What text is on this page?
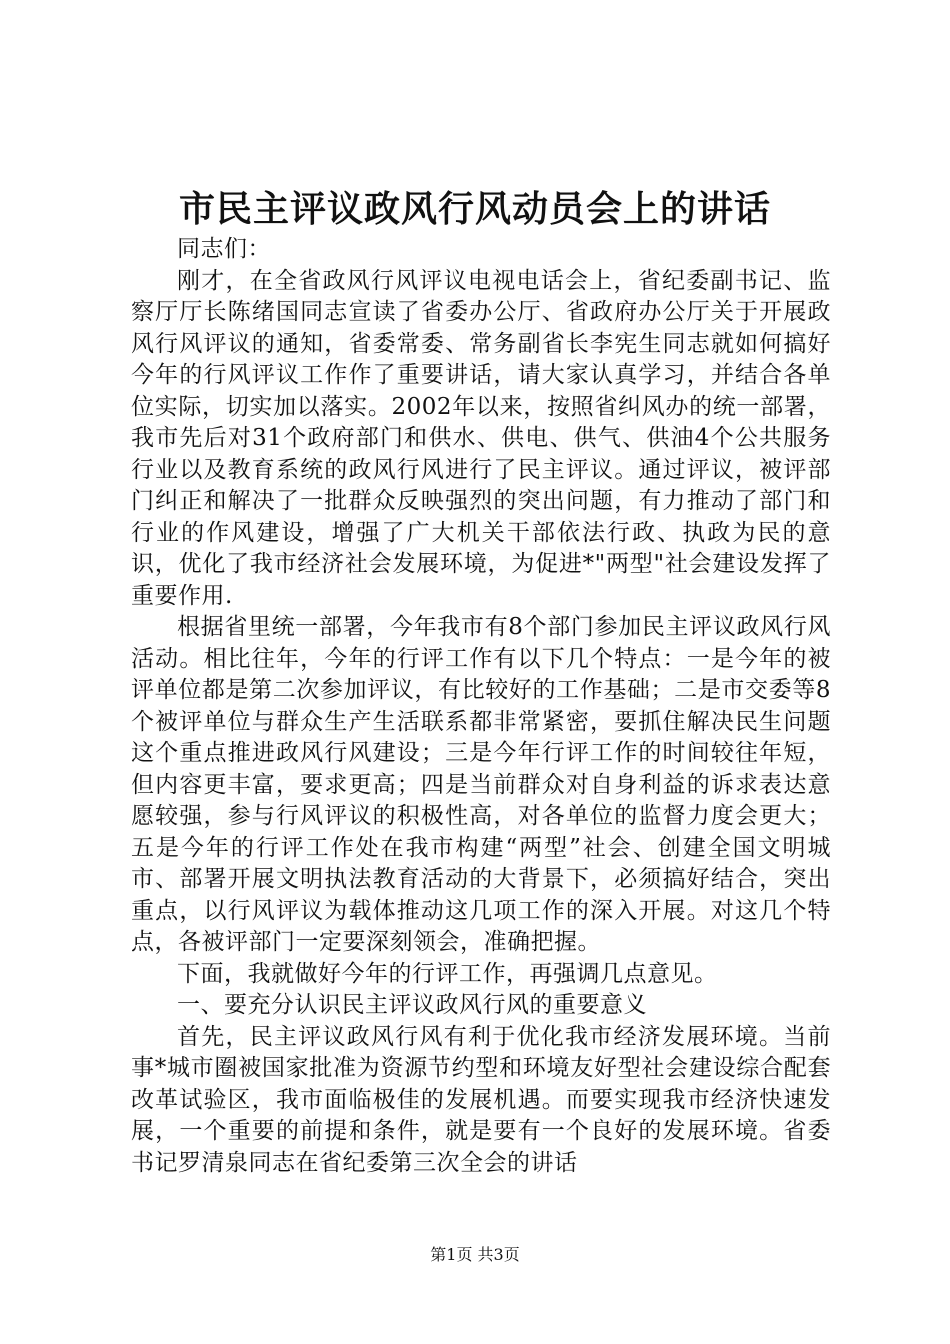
市民主评议政风行风动员会上的讲话

同志们：

刚才，在全省政风行风评议电视电话会上，省纪委副书记、监察厅厅长陈绪国同志宣读了省委办公厅、省政府办公厅关于开展政风行风评议的通知，省委常委、常务副省长李宪生同志就如何搞好今年的行风评议工作作了重要讲话，请大家认真学习，并结合各单位实际，切实加以落实。2002年以来，按照省纠风办的统一部署，我市先后对31个政府部门和供水、供电、供气、供油4个公共服务行业以及教育系统的政风行风进行了民主评议。通过评议，被评部门纠正和解决了一批群众反映强烈的突出问题，有力推动了部门和行业的作风建设，增强了广大机关干部依法行政、执政为民的意识，优化了我市经济社会发展环境，为促进*"两型"社会建设发挥了重要作用.

根据省里统一部署，今年我市有8个部门参加民主评议政风行风活动。相比往年，今年的行评工作有以下几个特点：一是今年的被评单位都是第二次参加评议，有比较好的工作基础；二是市交委等8个被评单位与群众生产生活联系都非常紧密，要抓住解决民生问题这个重点推进政风行风建设；三是今年行评工作的时间较往年短，但内容更丰富，要求更高；四是当前群众对自身利益的诉求表达意愿较强，参与行风评议的积极性高，对各单位的监督力度会更大；五是今年的行评工作处在我市构建“两型”社会、创建全国文明城市、部署开展文明执法教育活动的大背景下，必须搞好结合，突出重点，以行风评议为载体推动这几项工作的深入开展。对这几个特点，各被评部门一定要深刻领会，准确把握。

下面，我就做好今年的行评工作，再强调几点意见。

一、要充分认识民主评议政风行风的重要意义

首先，民主评议政风行风有利于优化我市经济发展环境。当前事*城市圈被国家批准为资源节约型和环境友好型社会建设综合配套改革试验区，我市面临极佳的发展机遇。而要实现我市经济快速发展，一个重要的前提和条件，就是要有一个良好的发展环境。省委书记罗清泉同志在省纪委第三次全会的讲话

第1页 共3页
